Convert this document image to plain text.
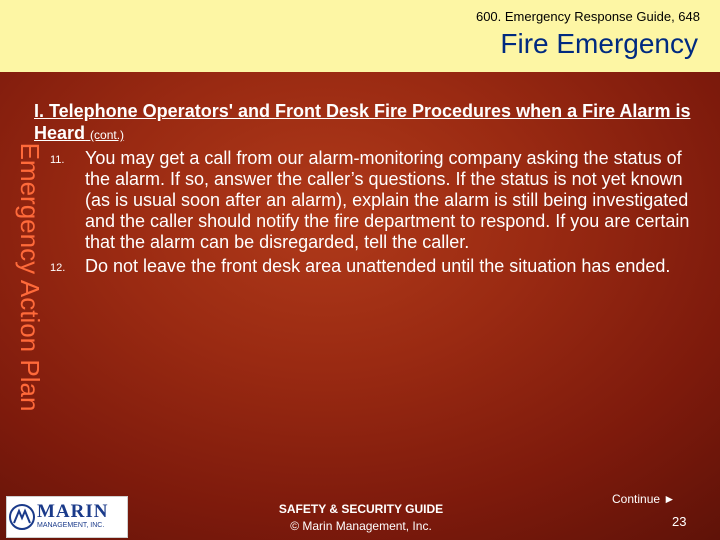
600. Emergency Response Guide, 648
Fire Emergency
Emergency Action Plan
I. Telephone Operators' and Front Desk Fire Procedures when a Fire Alarm is Heard (cont.)
11. You may get a call from our alarm-monitoring company asking the status of the alarm. If so, answer the caller’s questions. If the status is not yet known (as is usual soon after an alarm), explain the alarm is still being investigated and the caller should notify the fire department to respond. If you are certain that the alarm can be disregarded, tell the caller.
12. Do not leave the front desk area unattended until the situation has ended.
MARIN
MANAGEMENT, INC.
SAFETY & SECURITY GUIDE
© Marin Management, Inc.
Continue ►
23
